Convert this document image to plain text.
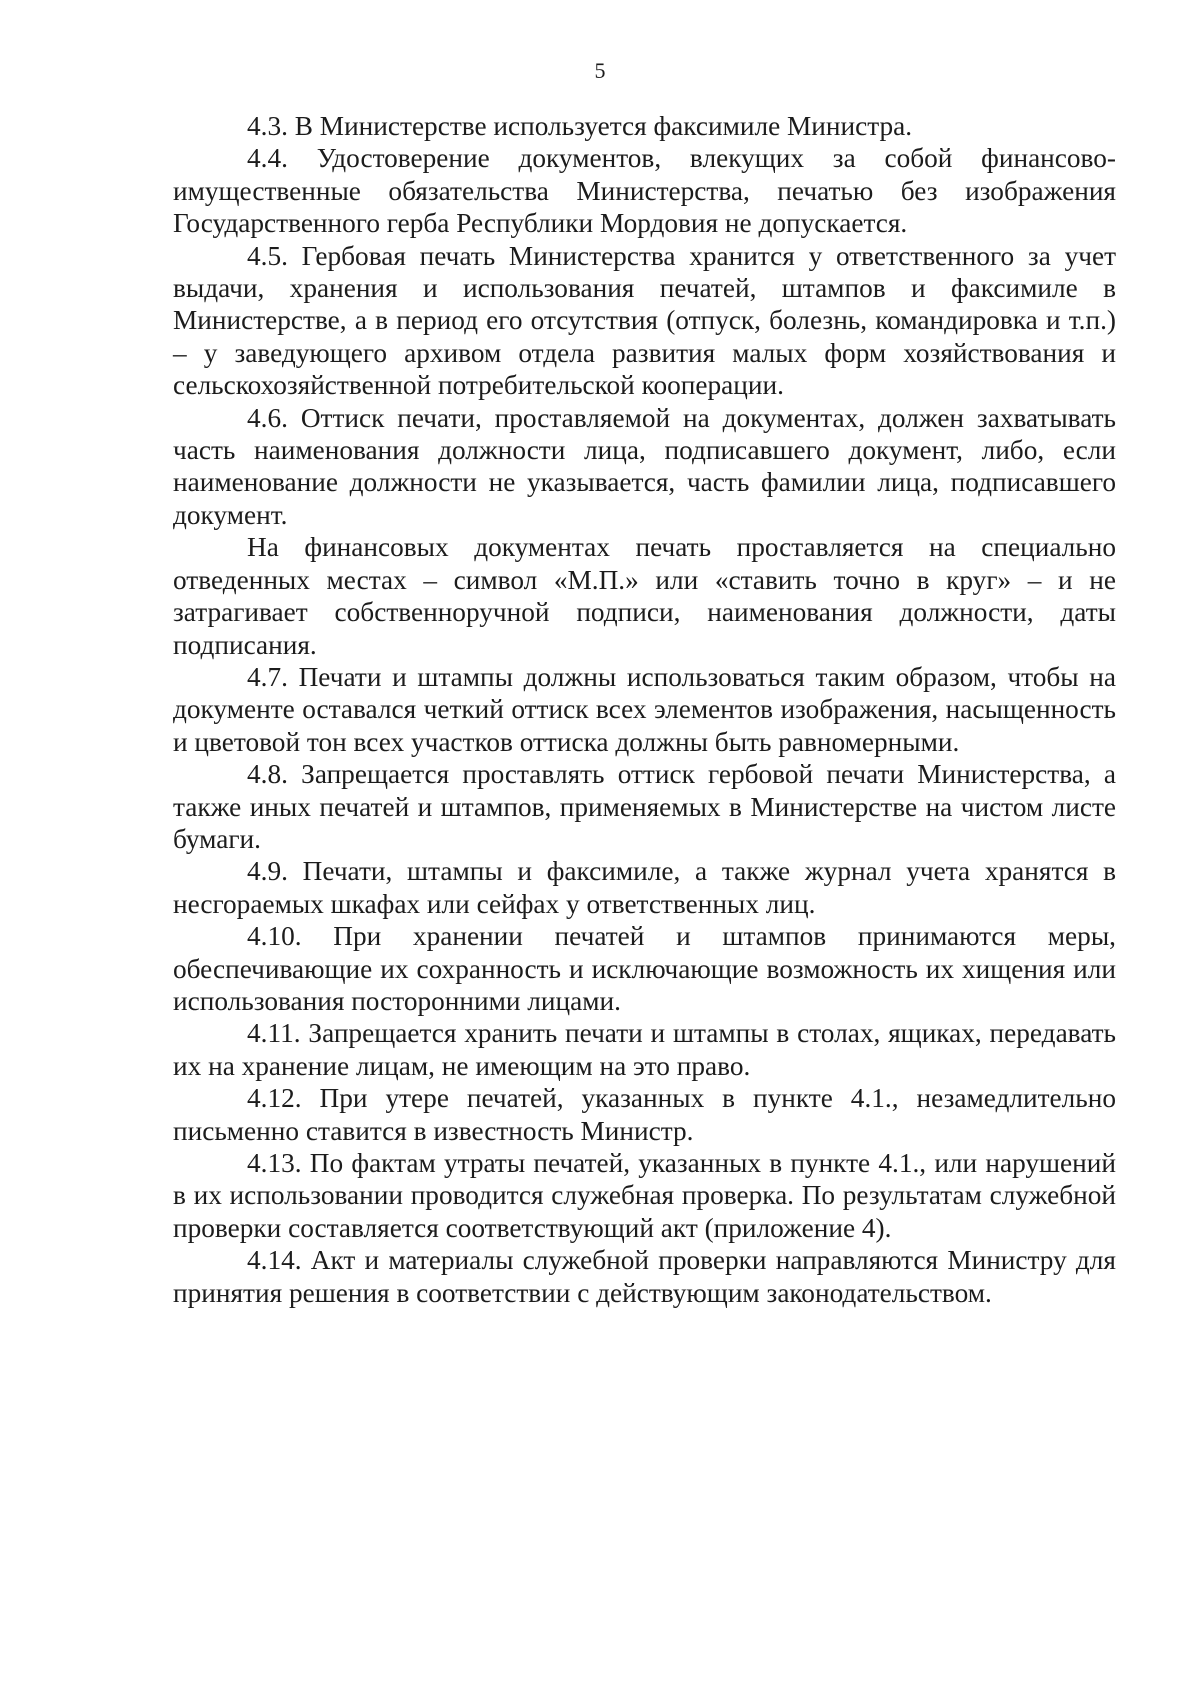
5

4.3. В Министерстве используется факсимиле Министра.

4.4. Удостоверение документов, влекущих за собой финансово-имущественные обязательства Министерства, печатью без изображения Государственного герба Республики Мордовия не допускается.

4.5. Гербовая печать Министерства хранится у ответственного за учет выдачи, хранения и использования печатей, штампов и факсимиле в Министерстве, а в период его отсутствия (отпуск, болезнь, командировка и т.п.) – у заведующего архивом отдела развития малых форм хозяйствования и сельскохозяйственной потребительской кооперации.

4.6. Оттиск печати, проставляемой на документах, должен захватывать часть наименования должности лица, подписавшего документ, либо, если наименование должности не указывается, часть фамилии лица, подписавшего документ.

На финансовых документах печать проставляется на специально отведенных местах – символ «М.П.» или «ставить точно в круг» – и не затрагивает собственноручной подписи, наименования должности, даты подписания.

4.7. Печати и штампы должны использоваться таким образом, чтобы на документе оставался четкий оттиск всех элементов изображения, насыщенность и цветовой тон всех участков оттиска должны быть равномерными.

4.8. Запрещается проставлять оттиск гербовой печати Министерства, а также иных печатей и штампов, применяемых в Министерстве на чистом листе бумаги.

4.9. Печати, штампы и факсимиле, а также журнал учета хранятся в несгораемых шкафах или сейфах у ответственных лиц.

4.10. При хранении печатей и штампов принимаются меры, обеспечивающие их сохранность и исключающие возможность их хищения или использования посторонними лицами.

4.11. Запрещается хранить печати и штампы в столах, ящиках, передавать их на хранение лицам, не имеющим на это право.

4.12. При утере печатей, указанных в пункте 4.1., незамедлительно письменно ставится в известность Министр.

4.13. По фактам утраты печатей, указанных в пункте 4.1., или нарушений в их использовании проводится служебная проверка. По результатам служебной проверки составляется соответствующий акт (приложение 4).

4.14. Акт и материалы служебной проверки направляются Министру для принятия решения в соответствии с действующим законодательством.
